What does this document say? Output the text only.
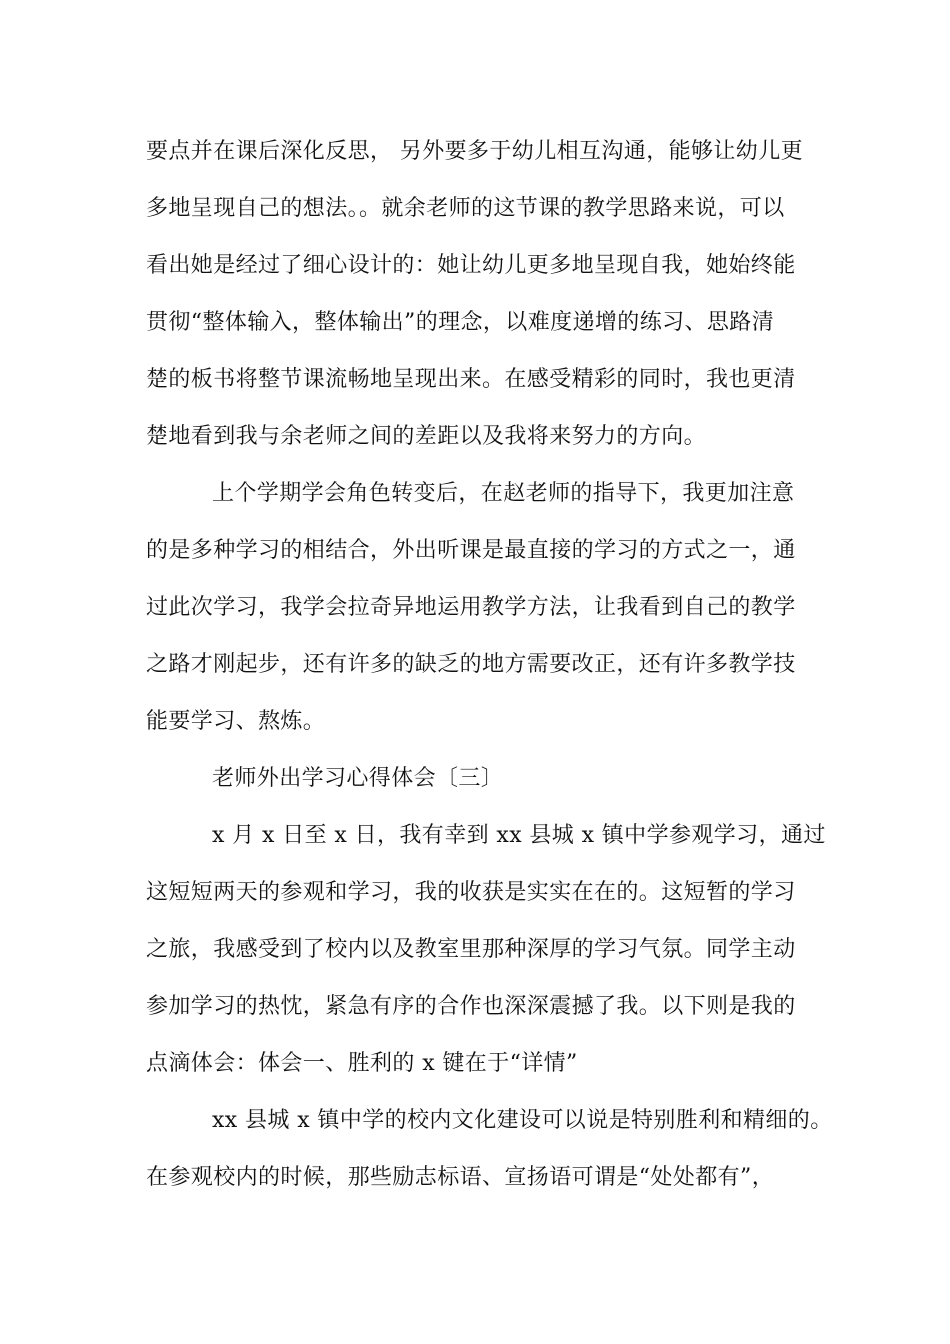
要点并在课后深化反思， 另外要多于幼儿相互沟通，能够让幼儿更
多地呈现自己的想法。。就余老师的这节课的教学思路来说，可以
看出她是经过了细心设计的：她让幼儿更多地呈现自我，她始终能
贯彻“整体输入，整体输出”的理念，以难度递增的练习、思路清
楚的板书将整节课流畅地呈现出来。在感受精彩的同时，我也更清
楚地看到我与余老师之间的差距以及我将来努力的方向。
上个学期学会角色转变后，在赵老师的指导下，我更加注意
的是多种学习的相结合，外出听课是最直接的学习的方式之一，通
过此次学习，我学会拉奇异地运用教学方法，让我看到自己的教学
之路才刚起步，还有许多的缺乏的地方需要改正，还有许多教学技
能要学习、熬炼。
老师外出学习心得体会〔三〕
x 月 x 日至 x 日，我有幸到 xx 县城 x 镇中学参观学习，通过
这短短两天的参观和学习，我的收获是实实在在的。这短暂的学习
之旅，我感受到了校内以及教室里那种深厚的学习气氛。同学主动
参加学习的热忱，紧急有序的合作也深深震撼了我。以下则是我的
点滴体会：体会一、胜利的 x 键在于“详情”
xx 县城 x 镇中学的校内文化建设可以说是特别胜利和精细的。
在参观校内的时候，那些励志标语、宣扬语可谓是“处处都有”，
